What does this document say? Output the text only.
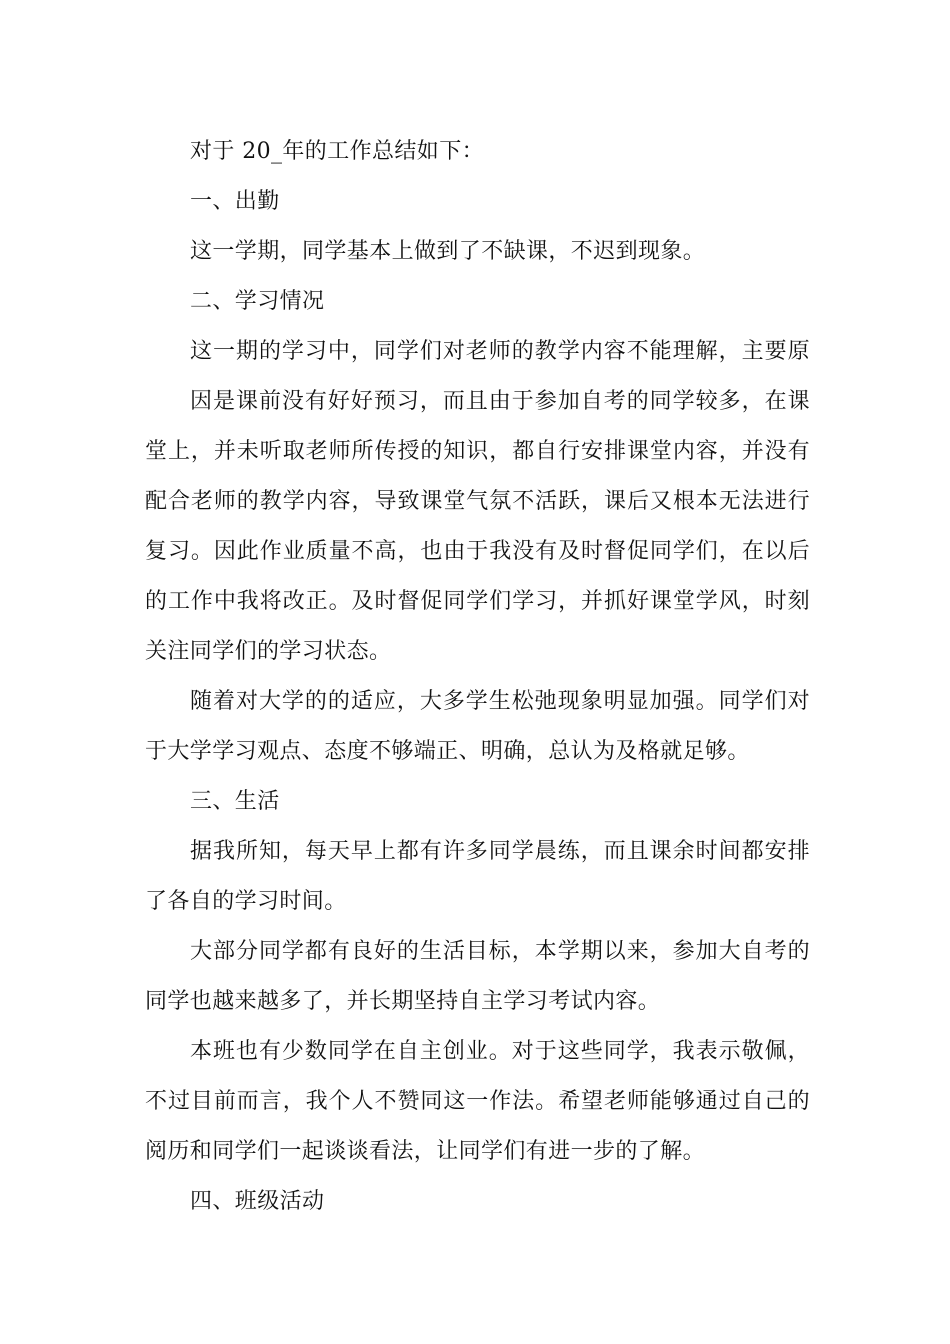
对于 20_年的工作总结如下：
一、出勤
这一学期，同学基本上做到了不缺课，不迟到现象。
二、学习情况
这一期的学习中，同学们对老师的教学内容不能理解，主要原
因是课前没有好好预习，而且由于参加自考的同学较多，在课
堂上，并未听取老师所传授的知识，都自行安排课堂内容，并没有
配合老师的教学内容，导致课堂气氛不活跃，课后又根本无法进行
复习。因此作业质量不高，也由于我没有及时督促同学们，在以后
的工作中我将改正。及时督促同学们学习，并抓好课堂学风，时刻
关注同学们的学习状态。
随着对大学的的适应，大多学生松弛现象明显加强。同学们对
于大学学习观点、态度不够端正、明确，总认为及格就足够。
三、生活
据我所知，每天早上都有许多同学晨练，而且课余时间都安排
了各自的学习时间。
大部分同学都有良好的生活目标，本学期以来，参加大自考的
同学也越来越多了，并长期坚持自主学习考试内容。
本班也有少数同学在自主创业。对于这些同学，我表示敬佩，
不过目前而言，我个人不赞同这一作法。希望老师能够通过自己的
阅历和同学们一起谈谈看法，让同学们有进一步的了解。
四、班级活动
